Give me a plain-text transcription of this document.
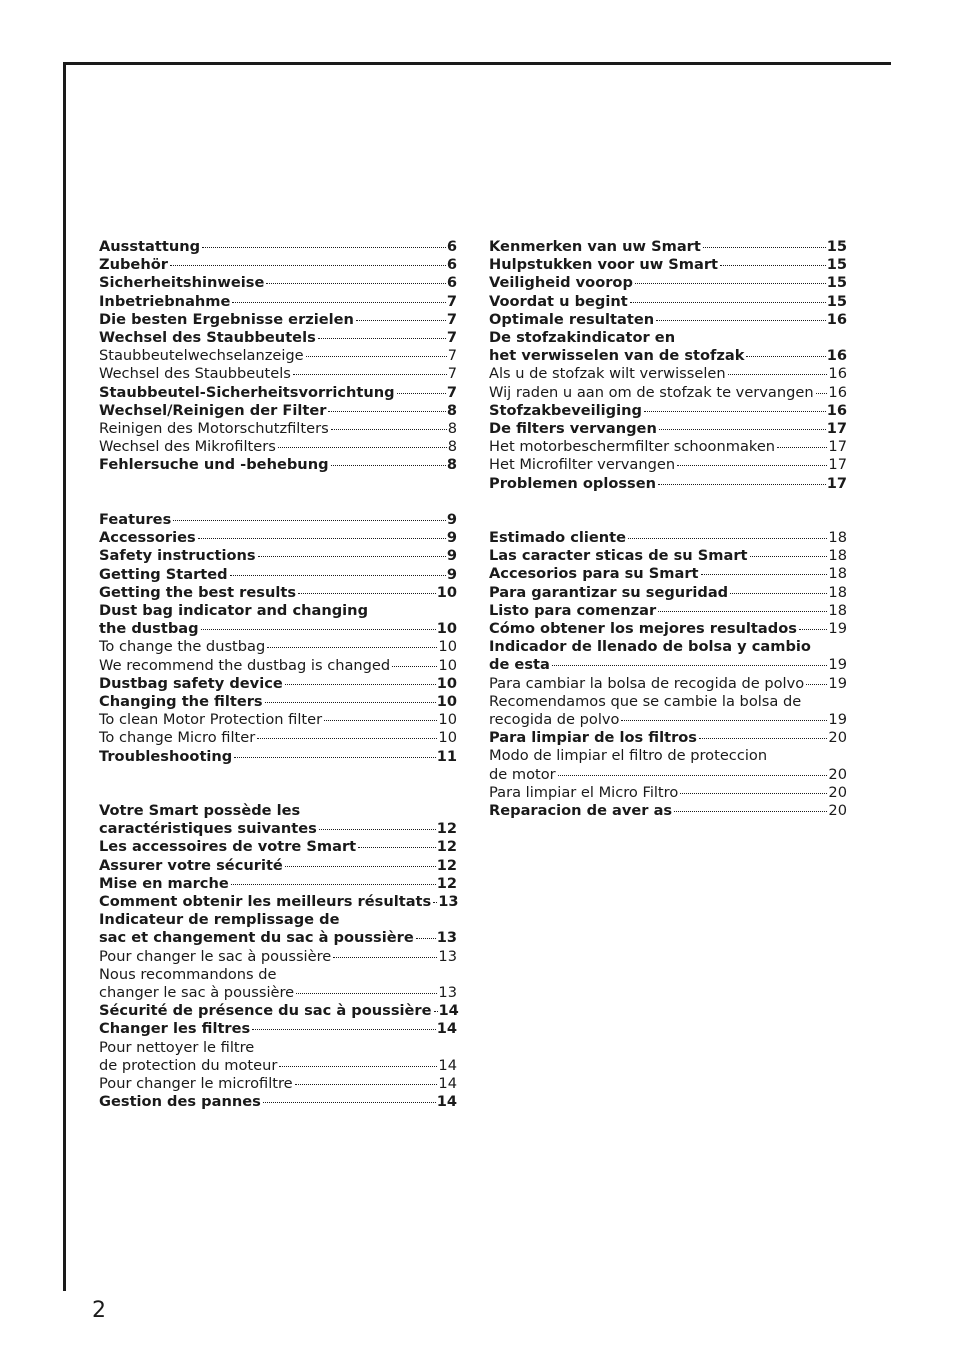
Ausstattung	6
Zubehör	6
Sicherheitshinweise	6
Inbetriebnahme	7
Die besten Ergebnisse erzielen	7
Wechsel des Staubbeutels	7
Staubbeutelwechselanzeige	7
Wechsel des Staubbeutels	7
Staubbeutel-Sicherheitsvorrichtung	7
Wechsel/Reinigen der Filter	8
Reinigen des Motorschutzfilters	8
Wechsel des Mikrofilters	8
Fehlersuche und -behebung	8
Features	9
Accessories	9
Safety instructions	9
Getting Started	9
Getting the best results	10
Dust bag indicator and changing
the dustbag	10
To change the dustbag	10
We recommend the dustbag is changed	10
Dustbag safety device	10
Changing the filters	10
To clean Motor Protection filter	10
To change Micro filter	10
Troubleshooting	11
Votre Smart possède les
caractéristiques suivantes	12
Les accessoires de votre Smart	12
Assurer votre sécurité	12
Mise en marche	12
Comment obtenir les meilleurs résultats 13
Indicateur de remplissage de
sac et changement du sac à poussière 13
Pour changer le sac à poussière	13
Nous recommandons de
changer le sac à poussière	13
Sécurité de présence du sac à poussière 14
Changer les filtres	14
Pour nettoyer le filtre
de protection du moteur	14
Pour changer le microfiltre	14
Gestion des pannes	14
Kenmerken van uw Smart	15
Hulpstukken voor uw Smart	15
Veiligheid voorop	15
Voordat u begint	15
Optimale resultaten	16
De stofzakindicator en
het verwisselen van de stofzak	16
Als u de stofzak wilt verwisselen	16
Wij raden u aan om de stofzak te vervangen 16
Stofzakbeveiliging	16
De filters vervangen	17
Het motorbeschermfilter schoonmaken	17
Het Microfilter vervangen	17
Problemen oplossen	17
Estimado cliente	18
Las caracter sticas de su Smart	18
Accesorios para su Smart	18
Para garantizar su seguridad	18
Listo para comenzar	18
Cómo obtener los mejores resultados 19
Indicador de llenado de bolsa y cambio
de esta	19
Para cambiar la bolsa de recogida de polvo 19
Recomendamos que se cambie la bolsa de
recogida de polvo	19
Para limpiar de los filtros	20
Modo de limpiar el filtro de proteccion
de motor	20
Para limpiar el Micro Filtro	20
Reparacion de aver as	20
2
